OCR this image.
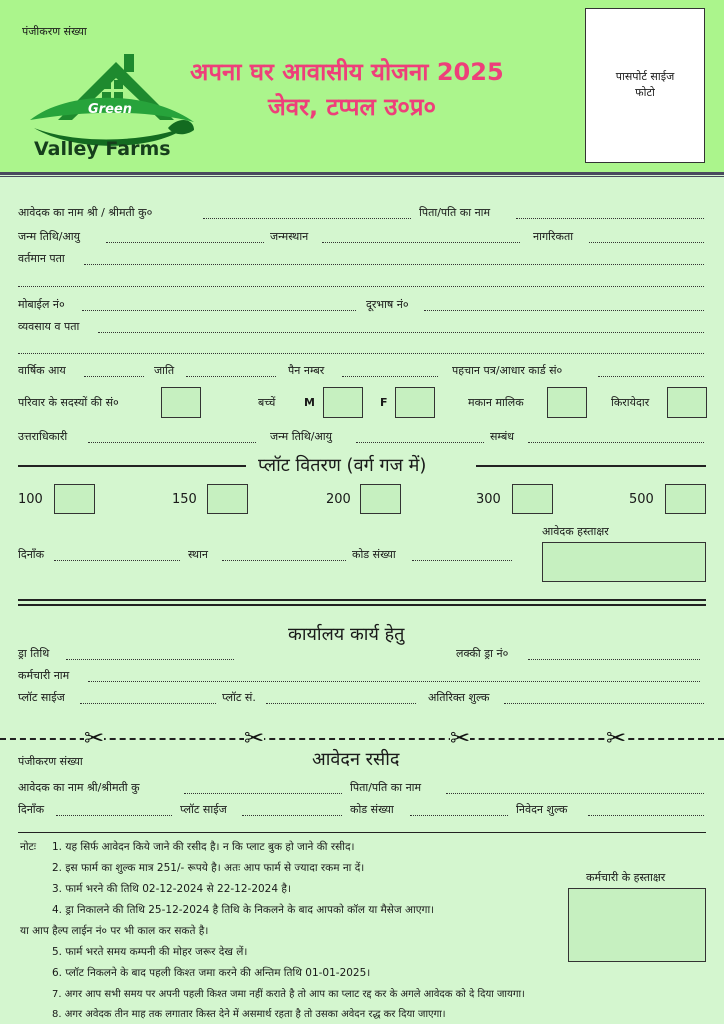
पंजीकरण संख्या
Green
Valley Farms
अपना घर आवासीय योजना 2025
जेवर, टप्पल उ०प्र०
पासपोर्ट साईज
फोटो
आवेदक का नाम श्री / श्रीमती कु०	पिता/पति का नाम
जन्म तिथि/आयु	जन्मस्थान	नागरिकता
वर्तमान पता
मोबाईल नं०	दूरभाष नं०
व्यवसाय व पता
वार्षिक आय	जाति	पैन नम्बर	पहचान पत्र/आधार कार्ड सं०
परिवार के सदस्यों की सं०	बच्चें	M	F	मकान मालिक	किरायेदार
उत्तराधिकारी	जन्म तिथि/आयु	सम्बंध
प्लॉट वितरण (वर्ग गज में)
100	150	200	300	500
आवेदक हस्ताक्षर
दिनाँक	स्थान	कोड संख्या
कार्यालय कार्य हेतु
ड्रा तिथि	लक्की ड्रा नं०
कर्मचारी नाम
प्लॉट साईज	प्लॉट सं.	अतिरिक्त शुल्क
✂	✂	✂	✂
आवेदन रसीद
पंजीकरण संख्या
आवेदक का नाम श्री/श्रीमती कु	पिता/पति का नाम
दिनाँक	प्लॉट साईज	कोड संख्या	निवेदन शुल्क
नोटः 1. यह सिर्फ आवेदन किये जाने की रसीद है। न कि प्लाट बुक हो जाने की रसीद।
2. इस फार्म का शुल्क मात्र 251/- रूपये है। अतः आप फार्म से ज्यादा रकम ना दें।
3. फार्म भरने की तिथि 02-12-2024 से 22-12-2024 है।
4. ड्रा निकालने की तिथि 25-12-2024 है तिथि के निकलने के बाद आपको कॉल या मैसेज आएगा।
या आप हैल्प लाईन नं० पर भी काल कर सकते है।
5. फार्म भरते समय कम्पनी की मोहर जरूर देख लें।
6. प्लॉट निकलने के बाद पहली किश्त जमा करने की अन्तिम तिथि 01-01-2025।
7. अगर आप सभी समय पर अपनी पहली किश्त जमा नहीं कराते है तो आप का प्लाट रद्द कर के अगले आवेदक को दे दिया जायगा।
8. अगर अवेदक तीन माह तक लगातार किस्त देने में असमार्थ रहता है तो उसका अवेदन रद्ध कर दिया जाएगा।
कर्मचारी के हस्ताक्षर
